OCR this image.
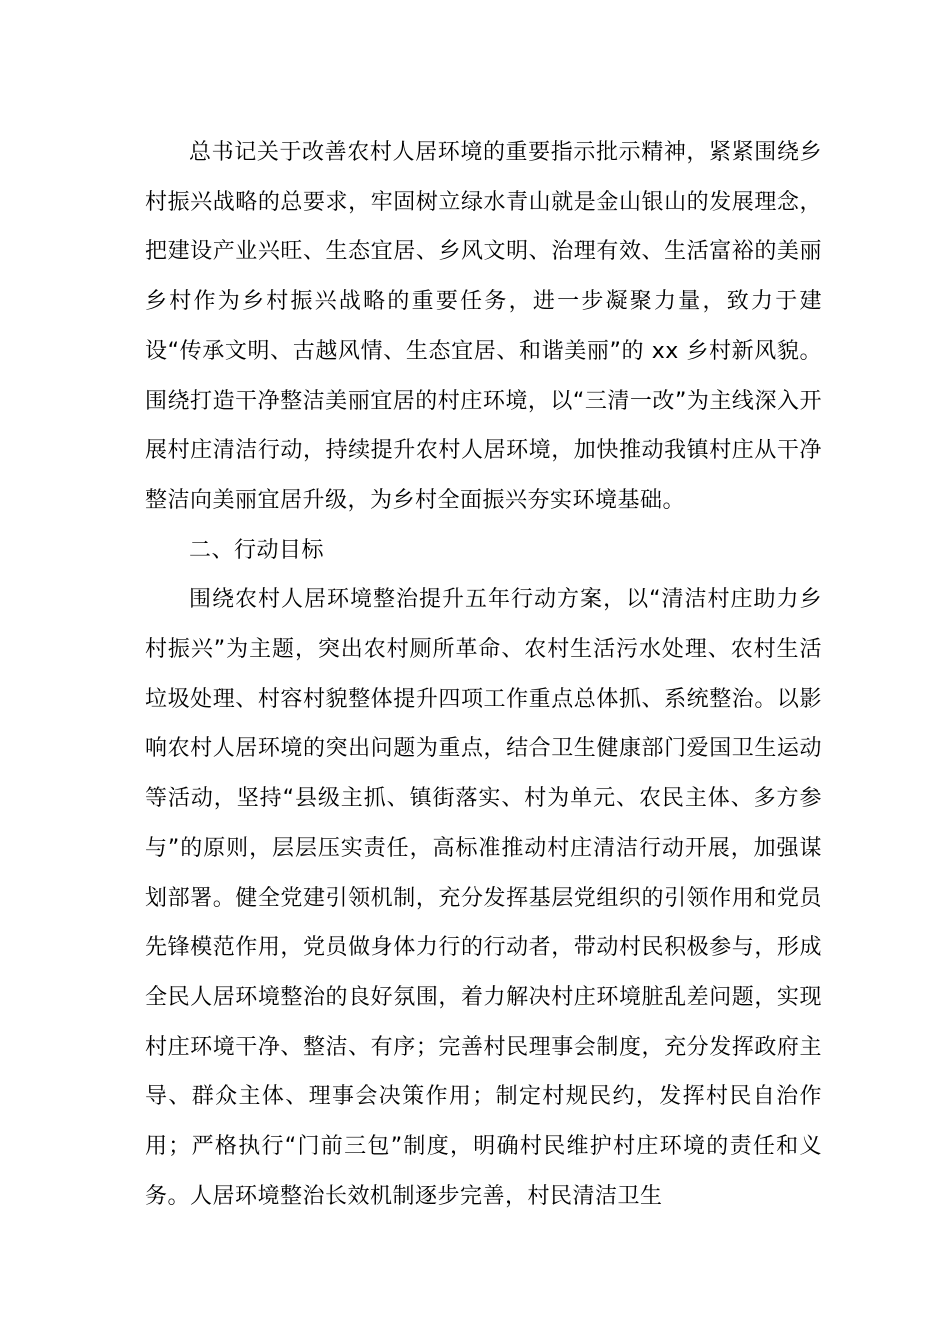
总书记关于改善农村人居环境的重要指示批示精神，紧紧围绕乡村振兴战略的总要求，牢固树立绿水青山就是金山银山的发展理念，把建设产业兴旺、生态宜居、乡风文明、治理有效、生活富裕的美丽乡村作为乡村振兴战略的重要任务，进一步凝聚力量，致力于建设“传承文明、古越风情、生态宜居、和谐美丽”的 xx 乡村新风貌。围绕打造干净整洁美丽宜居的村庄环境，以“三清一改”为主线深入开展村庄清洁行动，持续提升农村人居环境，加快推动我镇村庄从干净整洁向美丽宜居升级，为乡村全面振兴夯实环境基础。

二、行动目标

围绕农村人居环境整治提升五年行动方案，以“清洁村庄助力乡村振兴”为主题，突出农村厕所革命、农村生活污水处理、农村生活垃圾处理、村容村貌整体提升四项工作重点总体抓、系统整治。以影响农村人居环境的突出问题为重点，结合卫生健康部门爱国卫生运动等活动，坚持“县级主抓、镇街落实、村为单元、农民主体、多方参与”的原则，层层压实责任，高标准推动村庄清洁行动开展，加强谋划部署。健全党建引领机制，充分发挥基层党组织的引领作用和党员先锋模范作用，党员做身体力行的行动者，带动村民积极参与，形成全民人居环境整治的良好氛围，着力解决村庄环境脏乱差问题，实现村庄环境干净、整洁、有序；完善村民理事会制度，充分发挥政府主导、群众主体、理事会决策作用；制定村规民约，发挥村民自治作用；严格执行“门前三包”制度，明确村民维护村庄环境的责任和义务。人居环境整治长效机制逐步完善，村民清洁卫生
